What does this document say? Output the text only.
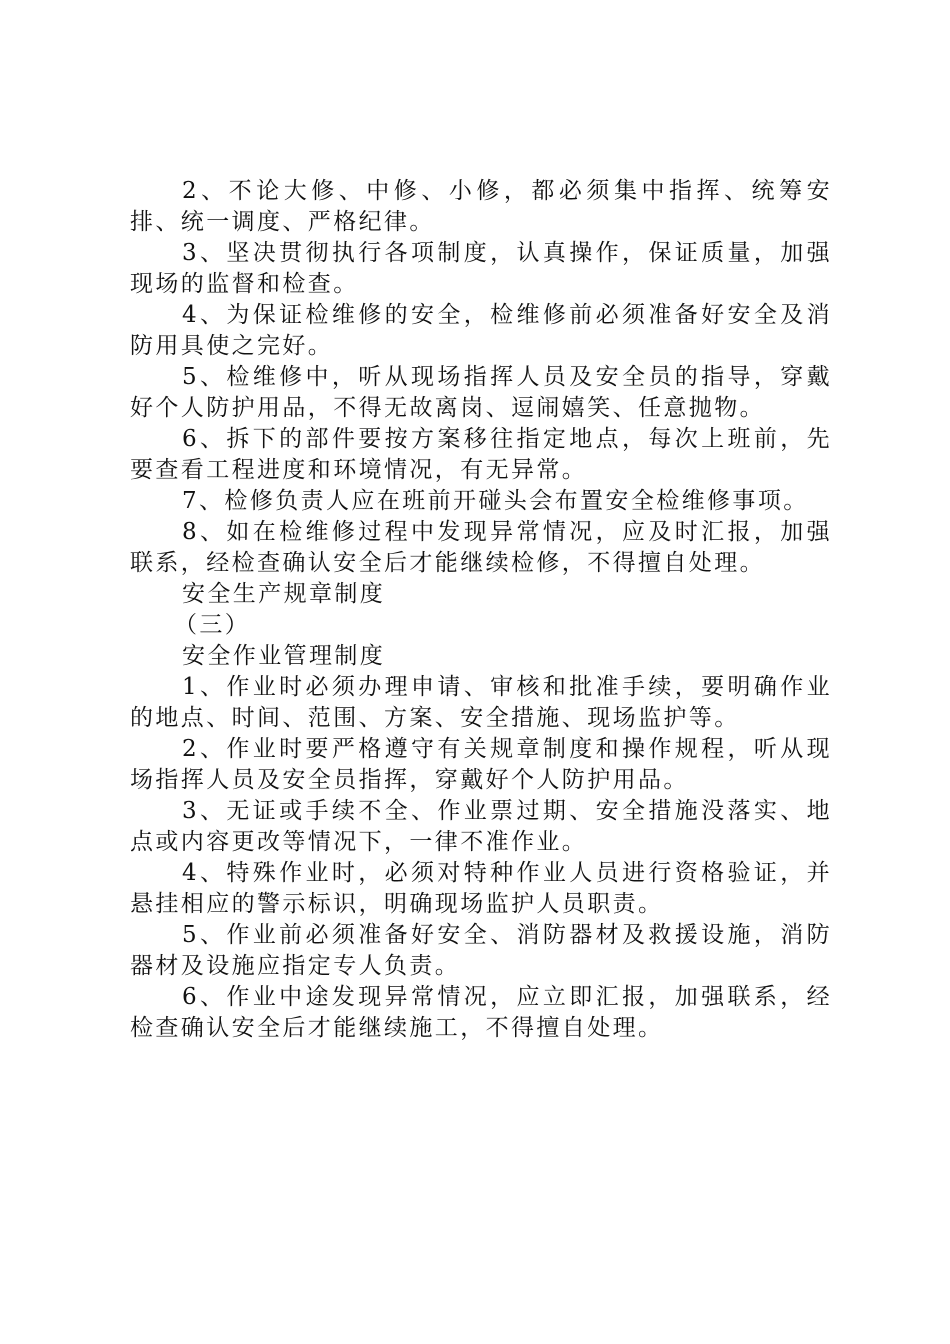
2、不论大修、中修、小修，都必须集中指挥、统筹安排、统一调度、严格纪律。

3、坚决贯彻执行各项制度，认真操作，保证质量，加强现场的监督和检查。

4、为保证检维修的安全，检维修前必须准备好安全及消防用具使之完好。

5、检维修中，听从现场指挥人员及安全员的指导，穿戴好个人防护用品，不得无故离岗、逗闹嬉笑、任意抛物。

6、拆下的部件要按方案移往指定地点，每次上班前，先要查看工程进度和环境情况，有无异常。

7、检修负责人应在班前开碰头会布置安全检维修事项。

8、如在检维修过程中发现异常情况，应及时汇报，加强联系，经检查确认安全后才能继续检修，不得擅自处理。

安全生产规章制度

（三）

安全作业管理制度

1、作业时必须办理申请、审核和批准手续，要明确作业的地点、时间、范围、方案、安全措施、现场监护等。

2、作业时要严格遵守有关规章制度和操作规程，听从现场指挥人员及安全员指挥，穿戴好个人防护用品。

3、无证或手续不全、作业票过期、安全措施没落实、地点或内容更改等情况下，一律不准作业。

4、特殊作业时，必须对特种作业人员进行资格验证，并悬挂相应的警示标识，明确现场监护人员职责。

5、作业前必须准备好安全、消防器材及救援设施，消防器材及设施应指定专人负责。

6、作业中途发现异常情况，应立即汇报，加强联系，经检查确认安全后才能继续施工，不得擅自处理。
